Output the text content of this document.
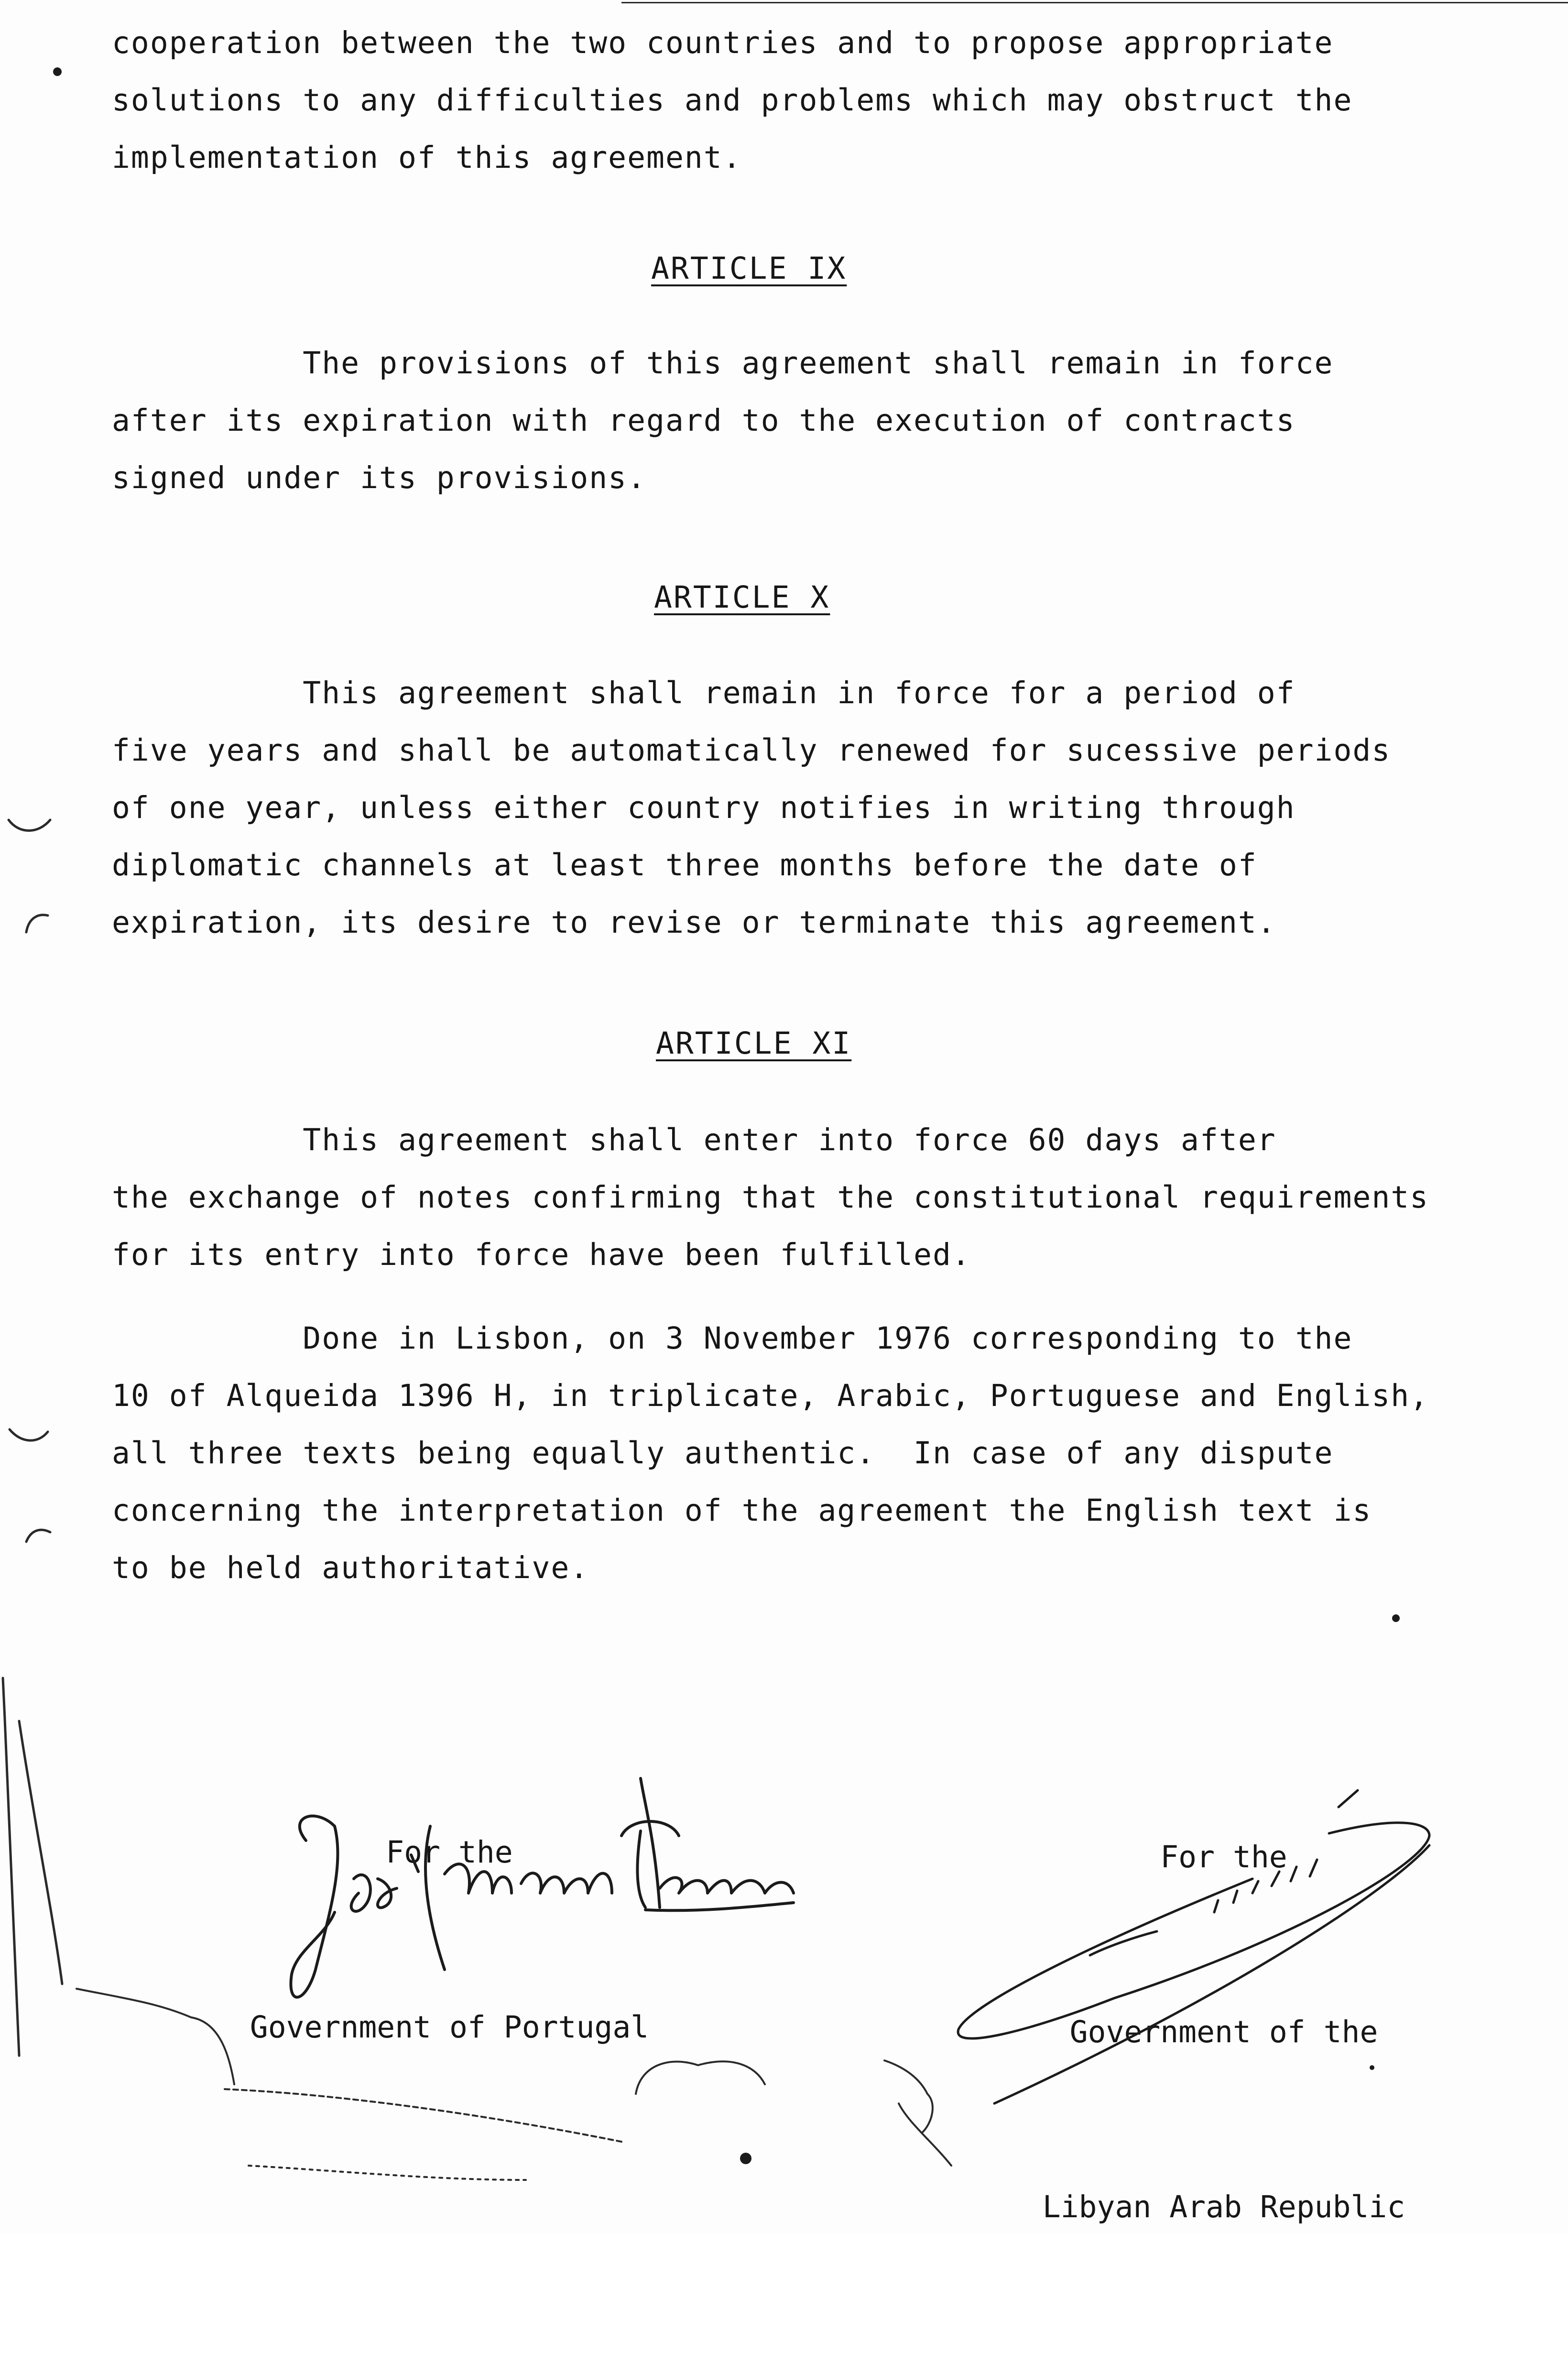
cooperation between the two countries and to propose appropriate
solutions to any difficulties and problems which may obstruct the
implementation of this agreement.
ARTICLE IX
The provisions of this agreement shall remain in force
after its expiration with regard to the execution of contracts
signed under its provisions.
ARTICLE X
This agreement shall remain in force for a period of
five years and shall be automatically renewed for sucessive periods
of one year, unless either country notifies in writing through
diplomatic channels at least three months before the date of
expiration, its desire to revise or terminate this agreement.
ARTICLE XI
This agreement shall enter into force 60 days after
the exchange of notes confirming that the constitutional requirements
for its entry into force have been fulfilled.
Done in Lisbon, on 3 November 1976 corresponding to the
10 of Alqueida 1396 H, in triplicate, Arabic, Portuguese and English,
all three texts being equally authentic.  In case of any dispute
concerning the interpretation of the agreement the English text is
to be held authoritative.

For the

Government of Portugal

For the

Government of the

Libyan Arab Republic
